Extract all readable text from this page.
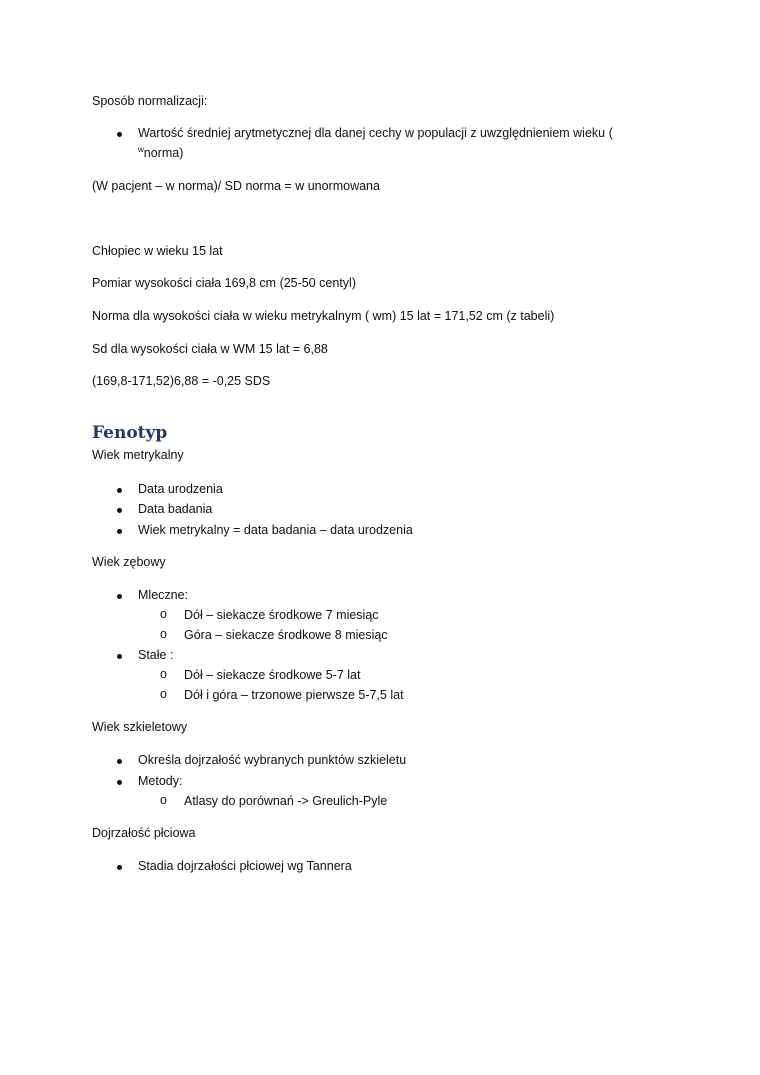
Sposób normalizacji:
Wartość średniej arytmetycznej dla danej cechy w populacji z uwzględnieniem wieku (
$^w$norma)
(W pacjent – w norma)/ SD norma = w unormowana
Chłopiec w wieku 15 lat
Pomiar wysokości ciała 169,8 cm (25-50 centyl)
Norma dla wysokości ciała w wieku metrykalnym ( wm) 15 lat = 171,52 cm (z tabeli)
Sd dla wysokości ciała w WM 15 lat = 6,88
(169,8-171,52)6,88 = -0,25 SDS
Fenotyp
Wiek metrykalny
Data urodzenia
Data badania
Wiek metrykalny = data badania – data urodzenia
Wiek zębowy
Mleczne:
o Dół – siekacze środkowe 7 miesiąc
o Góra – siekacze środkowe 8 miesiąc
Stałe :
o Dół – siekacze środkowe 5-7 lat
o Dół i góra – trzonowe pierwsze 5-7,5 lat
Wiek szkieletowy
Określa dojrzałość wybranych punktów szkieletu
Metody:
o Atlasy do porównań -> Greulich-Pyle
Dojrzałość płciowa
Stadia dojrzałości płciowej wg Tannera
